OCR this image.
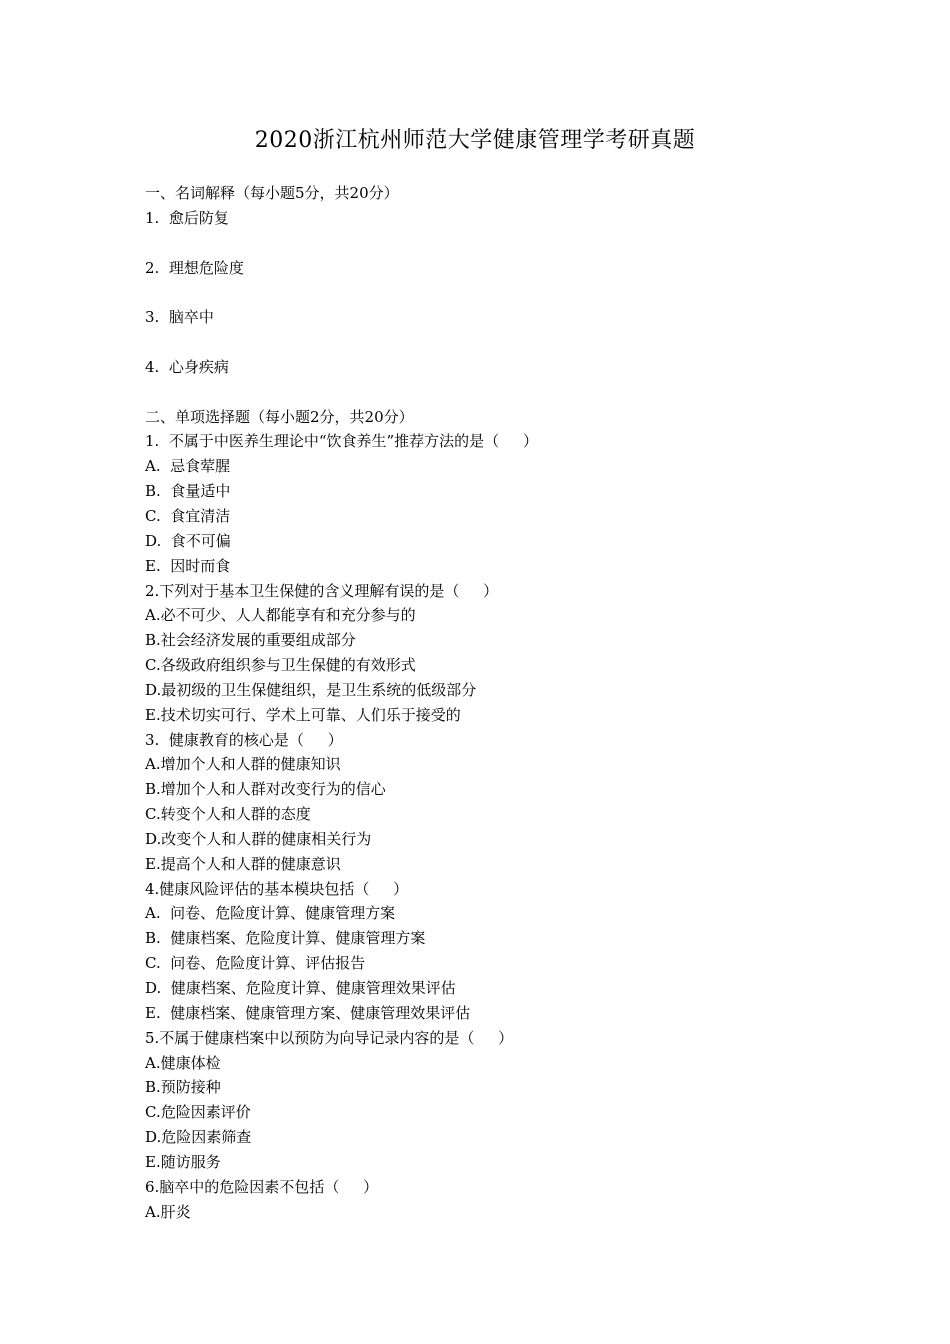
2020浙江杭州师范大学健康管理学考研真题
一、名词解释（每小题5分，共20分）
1.  愈后防复
2.  理想危险度
3.  脑卒中
4.  心身疾病
二、单项选择题（每小题2分，共20分）
1.  不属于中医养生理论中“饮食养生”推荐方法的是（     ）
A.  忌食荤腥
B.  食量适中
C.  食宜清洁
D.  食不可偏
E.  因时而食
2.下列对于基本卫生保健的含义理解有误的是（     ）
A.必不可少、人人都能享有和充分参与的
B.社会经济发展的重要组成部分
C.各级政府组织参与卫生保健的有效形式
D.最初级的卫生保健组织，是卫生系统的低级部分
E.技术切实可行、学术上可靠、人们乐于接受的
3.  健康教育的核心是（     ）
A.增加个人和人群的健康知识
B.增加个人和人群对改变行为的信心
C.转变个人和人群的态度
D.改变个人和人群的健康相关行为
E.提高个人和人群的健康意识
4.健康风险评估的基本模块包括（     ）
A.  问卷、危险度计算、健康管理方案
B.  健康档案、危险度计算、健康管理方案
C.  问卷、危险度计算、评估报告
D.  健康档案、危险度计算、健康管理效果评估
E.  健康档案、健康管理方案、健康管理效果评估
5.不属于健康档案中以预防为向导记录内容的是（     ）
A.健康体检
B.预防接种
C.危险因素评价
D.危险因素筛查
E.随访服务
6.脑卒中的危险因素不包括（     ）
A.肝炎
